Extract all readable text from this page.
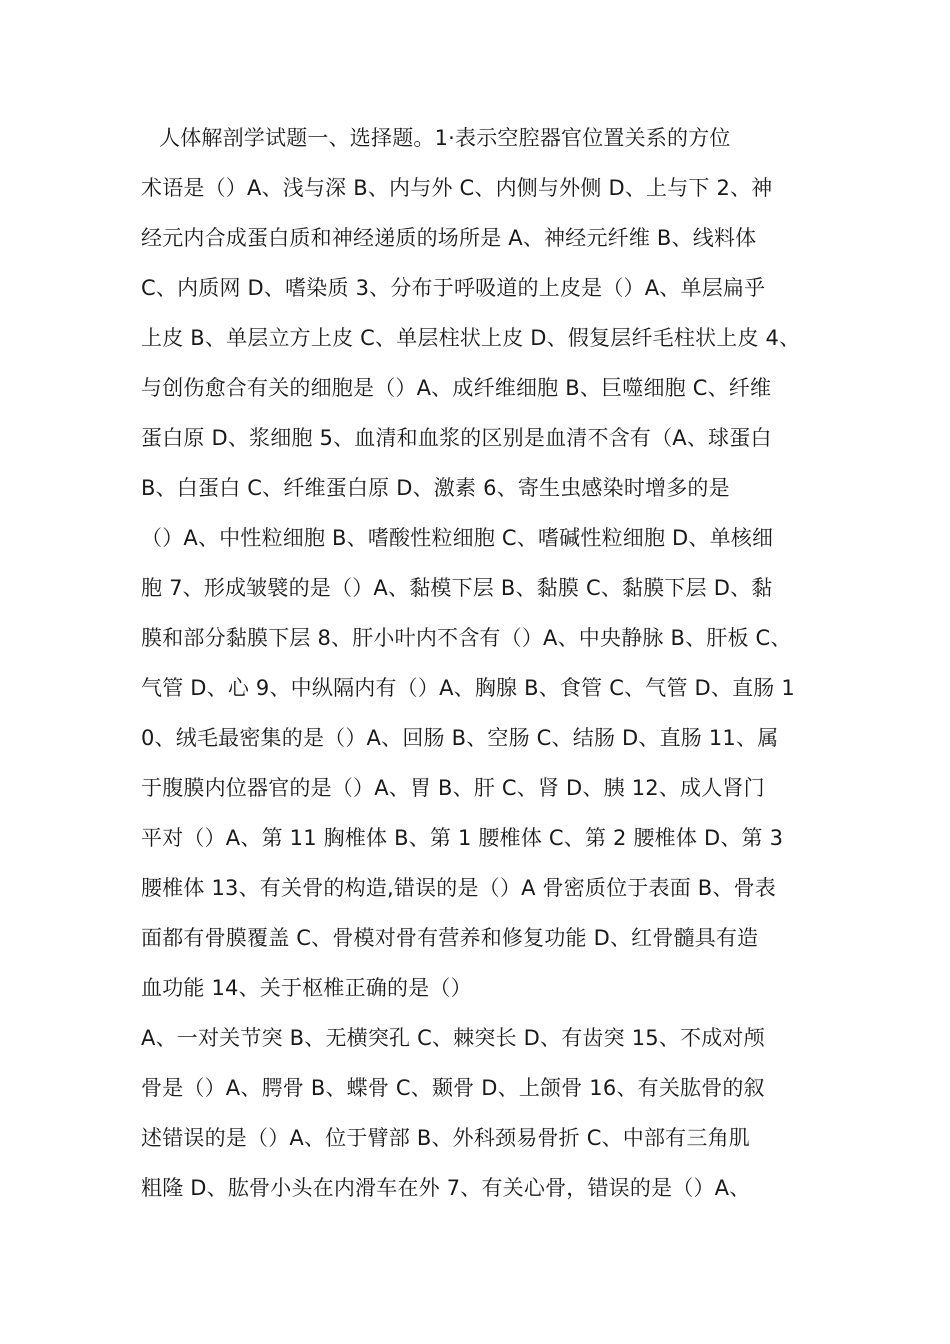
人体解剖学试题一、选择题。1·表示空腔器官位置关系的方位
术语是（）A、浅与深 B、内与外 C、内侧与外侧 D、上与下 2、神
经元内合成蛋白质和神经递质的场所是 A、神经元纤维 B、线料体
C、内质网 D、嗜染质 3、分布于呼吸道的上皮是（）A、单层扁乎
上皮 B、单层立方上皮 C、单层柱状上皮 D、假复层纤毛柱状上皮 4、
与创伤愈合有关的细胞是（）A、成纤维细胞 B、巨噬细胞 C、纤维
蛋白原 D、浆细胞 5、血清和血浆的区别是血清不含有（A、球蛋白
B、白蛋白 C、纤维蛋白原 D、激素 6、寄生虫感染时增多的是
（）A、中性粒细胞 B、嗜酸性粒细胞 C、嗜碱性粒细胞 D、单核细
胞 7、形成皱襞的是（）A、黏模下层 B、黏膜 C、黏膜下层 D、黏
膜和部分黏膜下层 8、肝小叶内不含有（）A、中央静脉 B、肝板 C、
气管 D、心 9、中纵隔内有（）A、胸腺 B、食管 C、气管 D、直肠 1
0、绒毛最密集的是（）A、回肠 B、空肠 C、结肠 D、直肠 11、属
于腹膜内位器官的是（）A、胃 B、肝 C、肾 D、胰 12、成人肾门
平对（）A、第 11 胸椎体 B、第 1 腰椎体 C、第 2 腰椎体 D、第 3
腰椎体 13、有关骨的构造,错误的是（）A 骨密质位于表面 B、骨表
面都有骨膜覆盖 C、骨模对骨有营养和修复功能 D、红骨髓具有造
血功能 14、关于枢椎正确的是（）
A、一对关节突 B、无横突孔 C、棘突长 D、有齿突 15、不成对颅
骨是（）A、腭骨 B、蝶骨 C、颞骨 D、上颌骨 16、有关肱骨的叙
述错误的是（）A、位于臂部 B、外科颈易骨折 C、中部有三角肌
粗隆 D、肱骨小头在内滑车在外 7、有关心骨，错误的是（）A、
